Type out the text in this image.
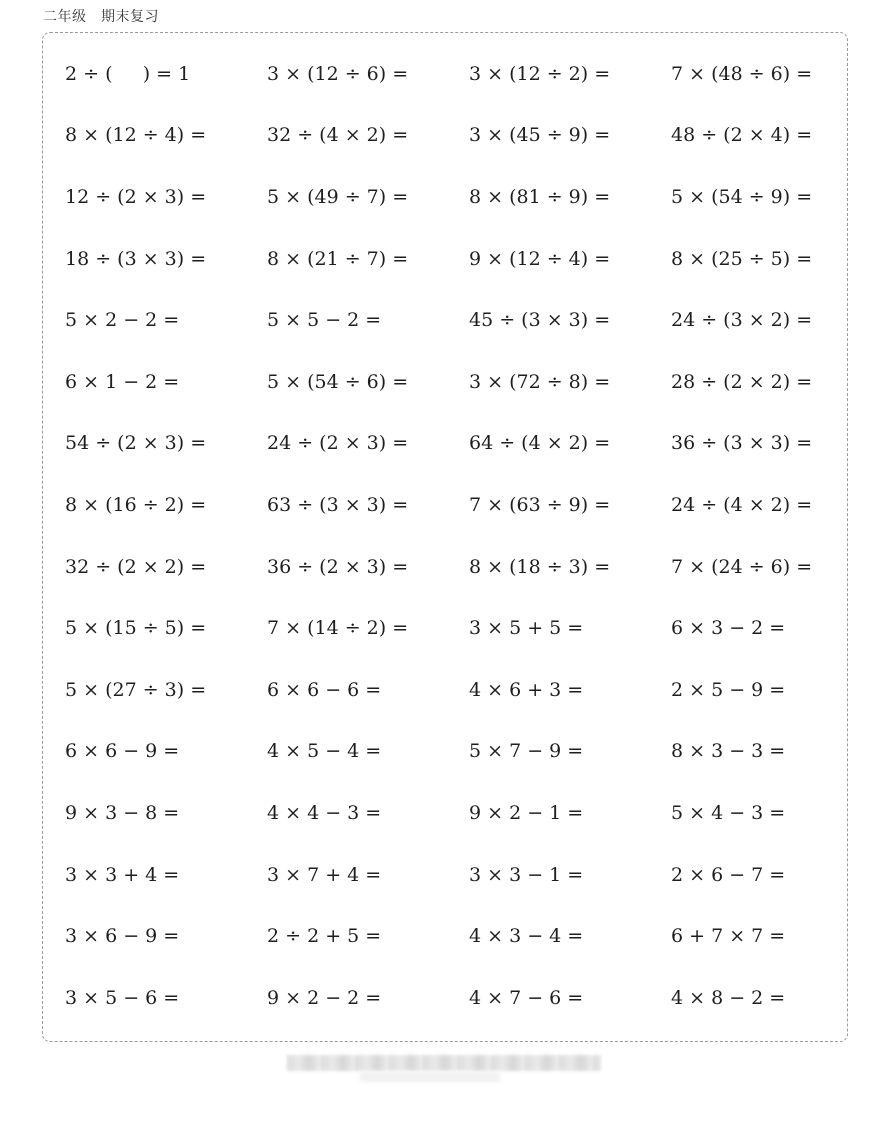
二年级　期末复习
2 ÷ (     ) = 1	3 × (12 ÷ 6) =	3 × (12 ÷ 2) =	7 × (48 ÷ 6) =
8 × (12 ÷ 4) =	32 ÷ (4 × 2) =	3 × (45 ÷ 9) =	48 ÷ (2 × 4) =
12 ÷ (2 × 3) =	5 × (49 ÷ 7) =	8 × (81 ÷ 9) =	5 × (54 ÷ 9) =
18 ÷ (3 × 3) =	8 × (21 ÷ 7) =	9 × (12 ÷ 4) =	8 × (25 ÷ 5) =
5 × 2 − 2 =	5 × 5 − 2 =	45 ÷ (3 × 3) =	24 ÷ (3 × 2) =
6 × 1 − 2 =	5 × (54 ÷ 6) =	3 × (72 ÷ 8) =	28 ÷ (2 × 2) =
54 ÷ (2 × 3) =	24 ÷ (2 × 3) =	64 ÷ (4 × 2) =	36 ÷ (3 × 3) =
8 × (16 ÷ 2) =	63 ÷ (3 × 3) =	7 × (63 ÷ 9) =	24 ÷ (4 × 2) =
32 ÷ (2 × 2) =	36 ÷ (2 × 3) =	8 × (18 ÷ 3) =	7 × (24 ÷ 6) =
5 × (15 ÷ 5) =	7 × (14 ÷ 2) =	3 × 5 + 5 =	6 × 3 − 2 =
5 × (27 ÷ 3) =	6 × 6 − 6 =	4 × 6 + 3 =	2 × 5 − 9 =
6 × 6 − 9 =	4 × 5 − 4 =	5 × 7 − 9 =	8 × 3 − 3 =
9 × 3 − 8 =	4 × 4 − 3 =	9 × 2 − 1 =	5 × 4 − 3 =
3 × 3 + 4 =	3 × 7 + 4 =	3 × 3 − 1 =	2 × 6 − 7 =
3 × 6 − 9 =	2 ÷ 2 + 5 =	4 × 3 − 4 =	6 + 7 × 7 =
3 × 5 − 6 =	9 × 2 − 2 =	4 × 7 − 6 =	4 × 8 − 2 =
